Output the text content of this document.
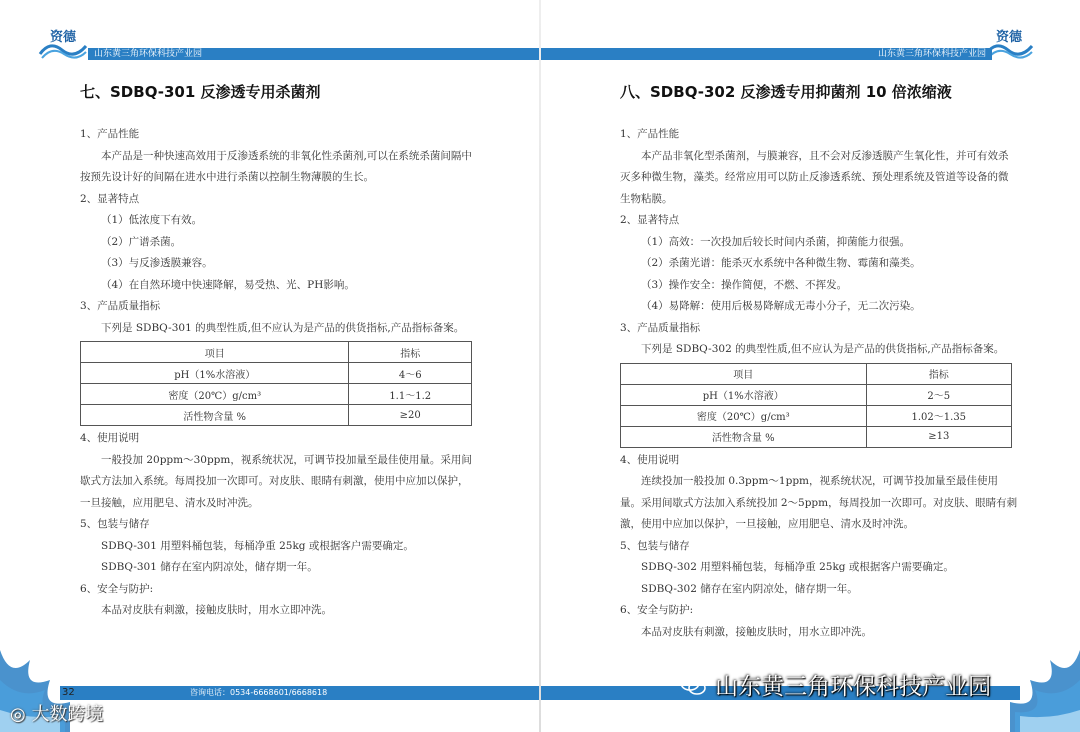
资德
山东黄三角环保科技产业园
七、SDBQ-301 反渗透专用杀菌剂

1、产品性能

本产品是一种快速高效用于反渗透系统的非氧化性杀菌剂,可以在系统杀菌间隔中按预先设计好的间隔在进水中进行杀菌以控制生物薄膜的生长。

2、显著特点

（1）低浓度下有效。

（2）广谱杀菌。

（3）与反渗透膜兼容。

（4）在自然环境中快速降解，易受热、光、PH影响。

3、产品质量指标

下列是 SDBQ-301 的典型性质,但不应认为是产品的供货指标,产品指标备案。

项目	指标
pH（1%水溶液）	4～6
密度（20℃）g/cm³	1.1～1.2
活性物含量 %	≥20

4、使用说明

一般投加 20ppm～30ppm，视系统状况，可调节投加量至最佳使用量。采用间歇式方法加入系统。每周投加一次即可。对皮肤、眼睛有刺激，使用中应加以保护，一旦接触，应用肥皂、清水及时冲洗。

5、包装与储存

SDBQ-301 用塑料桶包装，每桶净重 25kg 或根据客户需要确定。

SDBQ-301 储存在室内阴凉处，储存期一年。

6、安全与防护:

本品对皮肤有刺激，接触皮肤时，用水立即冲洗。

资德
山东黄三角环保科技产业园
八、SDBQ-302 反渗透专用抑菌剂 10 倍浓缩液

1、产品性能

本产品非氧化型杀菌剂，与膜兼容，且不会对反渗透膜产生氧化性，并可有效杀灭多种微生物，藻类。经常应用可以防止反渗透系统、预处理系统及管道等设备的微生物粘膜。

2、显著特点

（1）高效：一次投加后较长时间内杀菌，抑菌能力很强。

（2）杀菌光谱：能杀灭水系统中各种微生物、霉菌和藻类。

（3）操作安全：操作简便，不燃、不挥发。

（4）易降解：使用后极易降解成无毒小分子，无二次污染。

3、产品质量指标

下列是 SDBQ-302 的典型性质,但不应认为是产品的供货指标,产品指标备案。

项目	指标
pH（1%水溶液）	2～5
密度（20℃）g/cm³	1.02～1.35
活性物含量 %	≥13

4、使用说明

连续投加一般投加 0.3ppm～1ppm，视系统状况，可调节投加量至最佳使用量。采用间歇式方法加入系统投加 2～5ppm，每周投加一次即可。对皮肤、眼睛有刺激，使用中应加以保护，一旦接触，应用肥皂、清水及时冲洗。

5、包装与储存

SDBQ-302 用塑料桶包装，每桶净重 25kg 或根据客户需要确定。

SDBQ-302 储存在室内阴凉处，储存期一年。

6、安全与防护:

本品对皮肤有刺激，接触皮肤时，用水立即冲洗。

32	咨询电话：0534-6668601/6668618	山东黄三角环保科技产业园
◎ 大数跨境
